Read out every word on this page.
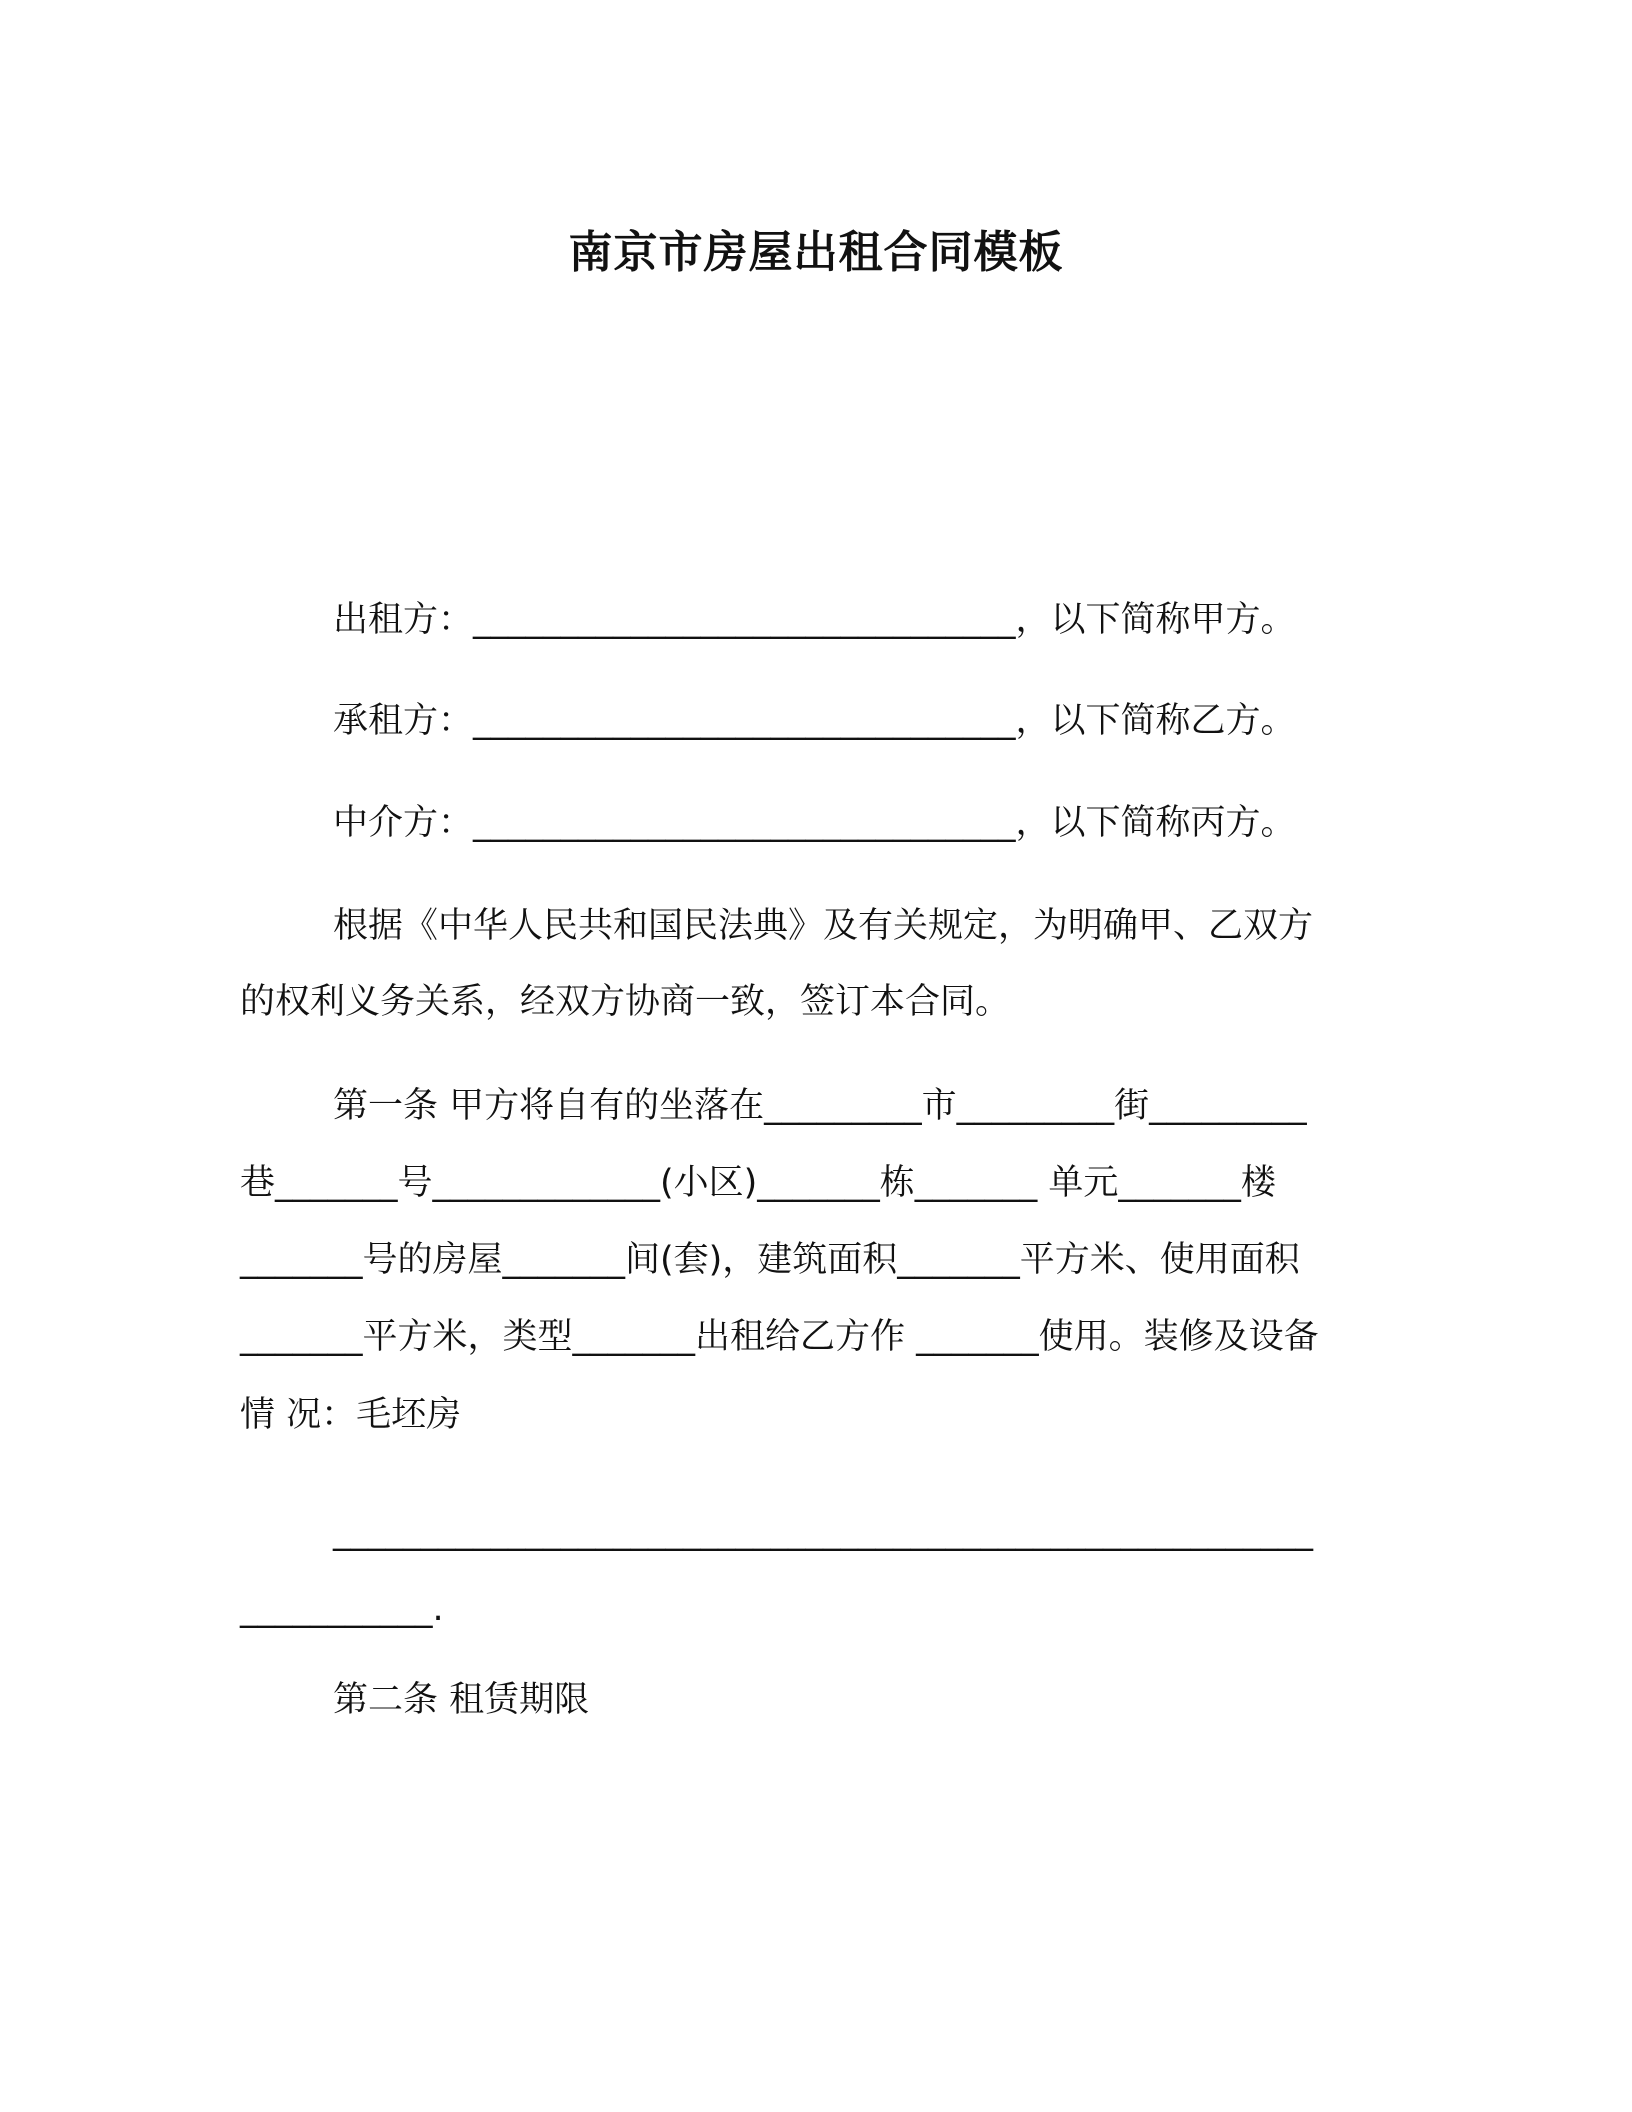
南京市房屋出租合同模板
出租方：_______________________________，以下简称甲方。
承租方：_______________________________，以下简称乙方。
中介方：_______________________________，以下简称丙方。
根据《中华人民共和国民法典》及有关规定，为明确甲、乙双方
的权利义务关系，经双方协商一致，签订本合同。
第一条 甲方将自有的坐落在_________市_________街_________
巷_______号_____________(小区)_______栋_______ 单元_______楼
_______号的房屋_______间(套)，建筑面积_______平方米、使用面积
_______平方米，类型_______出租给乙方作 _______使用。装修及设备
情 况：毛坯房
________________________________________________________
___________.
第二条 租赁期限
